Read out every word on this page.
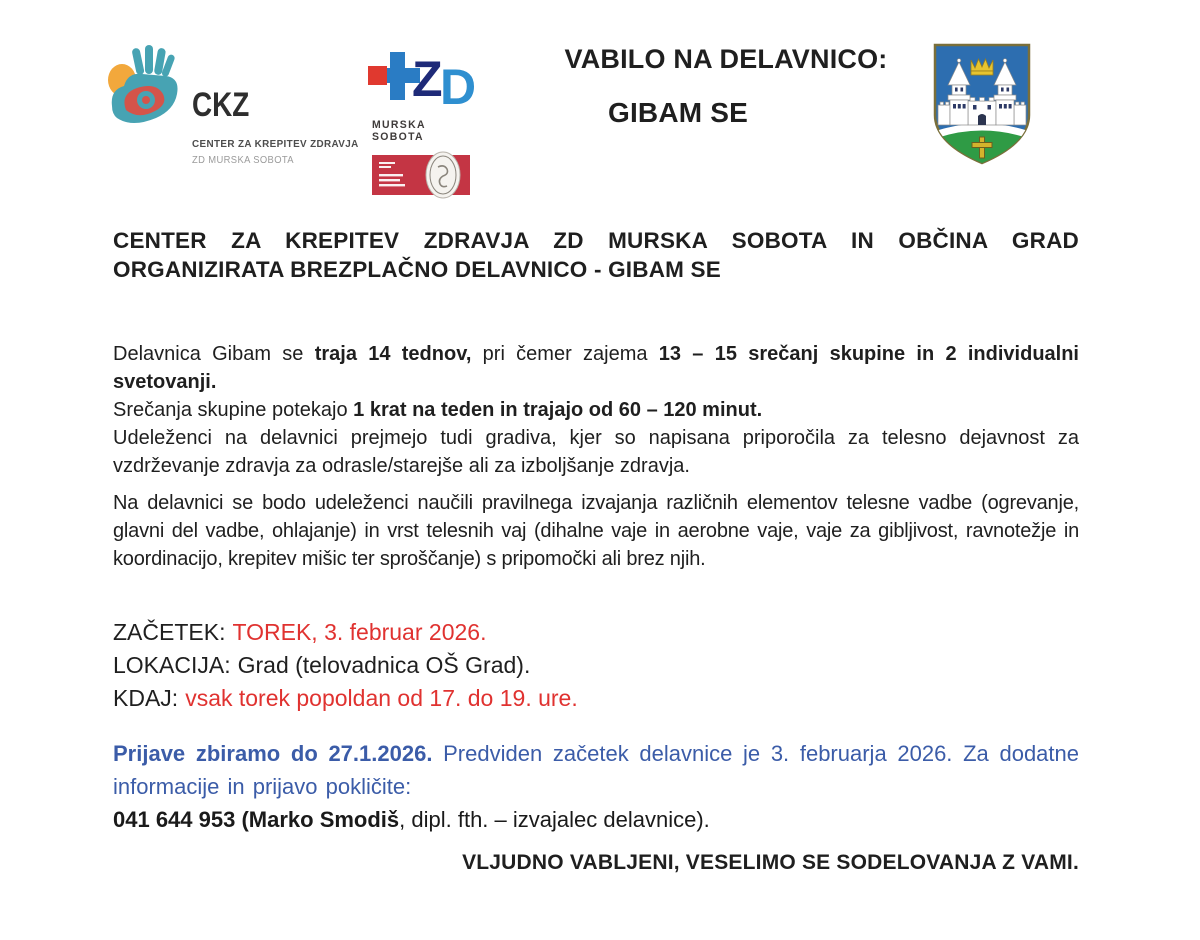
CKZ
CENTER ZA KREPITEV ZDRAVJA
ZD MURSKA SOBOTA
Z
D
MURSKA SOBOTA
VABILO NA DELAVNICO:
GIBAM SE
CENTER ZA KREPITEV ZDRAVJA ZD MURSKA SOBOTA IN OBČINA GRAD
ORGANIZIRATA BREZPLAČNO DELAVNICO - GIBAM SE

Delavnica Gibam se traja 14 tednov, pri čemer zajema 13 – 15 srečanj skupine in 2 individualni svetovanji.

Srečanja skupine potekajo 1 krat na teden in trajajo od 60 – 120 minut.

Udeleženci na delavnici prejmejo tudi gradiva, kjer so napisana priporočila za telesno dejavnost za vzdrževanje zdravja za odrasle/starejše ali za izboljšanje zdravja.

Na delavnici se bodo udeleženci naučili pravilnega izvajanja različnih elementov telesne vadbe (ogrevanje, glavni del vadbe, ohlajanje) in vrst telesnih vaj (dihalne vaje in aerobne vaje, vaje za gibljivost, ravnotežje in koordinacijo, krepitev mišic ter sproščanje) s pripomočki ali brez njih.
ZAČETEK: TOREK, 3. februar 2026.
LOKACIJA: Grad (telovadnica OŠ Grad).
KDAJ: vsak torek popoldan od 17. do 19. ure.

Prijave zbiramo do 27.1.2026. Predviden začetek delavnice je 3. februarja 2026. Za dodatne informacije in prijavo pokličite:

041 644 953 (Marko Smodiš, dipl. fth. – izvajalec delavnice).

VLJUDNO VABLJENI, VESELIMO SE SODELOVANJA Z VAMI.
